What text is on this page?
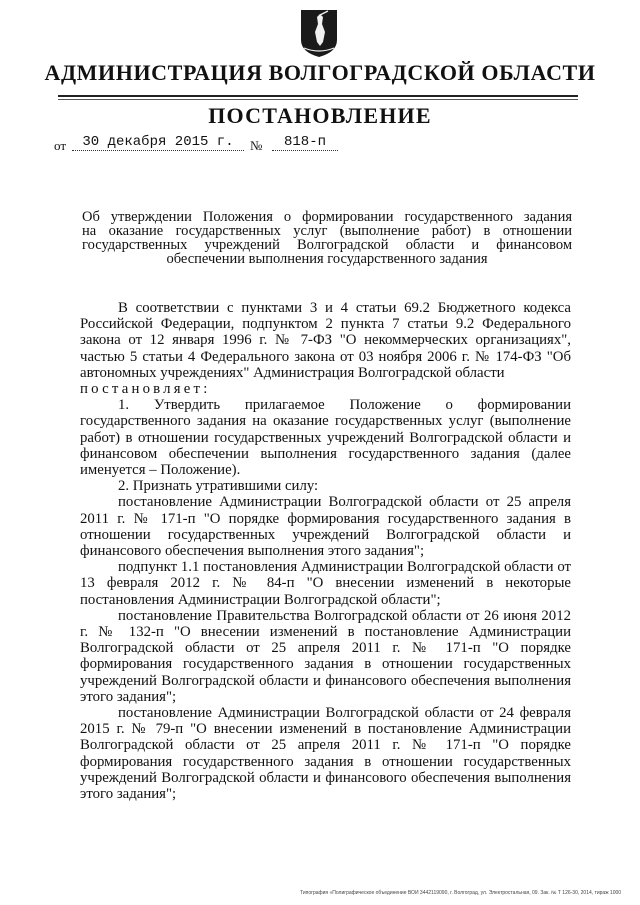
АДМИНИСТРАЦИЯ ВОЛГОГРАДСКОЙ ОБЛАСТИ
ПОСТАНОВЛЕНИЕ
от	30 декабря 2015 г.	№	818-п
Об утверждении Положения о формировании государственного задания
на оказание государственных услуг (выполнение работ) в отношении
государственных учреждений Волгоградской области и финансовом
обеспечении выполнения государственного задания

В соответствии с пунктами 3 и 4 статьи 69.2 Бюджетного кодекса Российской Федерации, подпунктом 2 пункта 7 статьи 9.2 Федерального закона от 12 января 1996 г. № 7-ФЗ "О некоммерческих организациях", частью 5 статьи 4 Федерального закона от 03 ноября 2006 г. № 174-ФЗ "Об автономных учреждениях" Администрация Волгоградской области

постановляет:

1. Утвердить прилагаемое Положение о формировании государственного задания на оказание государственных услуг (выполнение работ) в отношении государственных учреждений Волгоградской области и финансовом обеспечении выполнения государственного задания (далее именуется – Положение).

2. Признать утратившими силу:

постановление Администрации Волгоградской области от 25 апреля 2011 г. № 171-п "О порядке формирования государственного задания в отношении государственных учреждений Волгоградской области и финансового обеспечения выполнения этого задания";

подпункт 1.1 постановления Администрации Волгоградской области от 13 февраля 2012 г. № 84-п "О внесении изменений в некоторые постановления Администрации Волгоградской области";

постановление Правительства Волгоградской области от 26 июня 2012 г. № 132-п "О внесении изменений в постановление Администрации Волгоградской области от 25 апреля 2011 г. № 171-п "О порядке формирования государственного задания в отношении государственных учреждений Волгоградской области и финансового обеспечения выполнения этого задания";

постановление Администрации Волгоградской области от 24 февраля 2015 г. № 79-п "О внесении изменений в постановление Администрации Волгоградской области от 25 апреля 2011 г. № 171-п "О порядке формирования государственного задания в отношении государственных учреждений Волгоградской области и финансового обеспечения выполнения этого задания";

Типография «Полиграфическое объединение ВОИ 3442119090, г. Волгоград, ул. Электростальная, 09. Зак. № Т 126-30, 2014, тираж 1000
